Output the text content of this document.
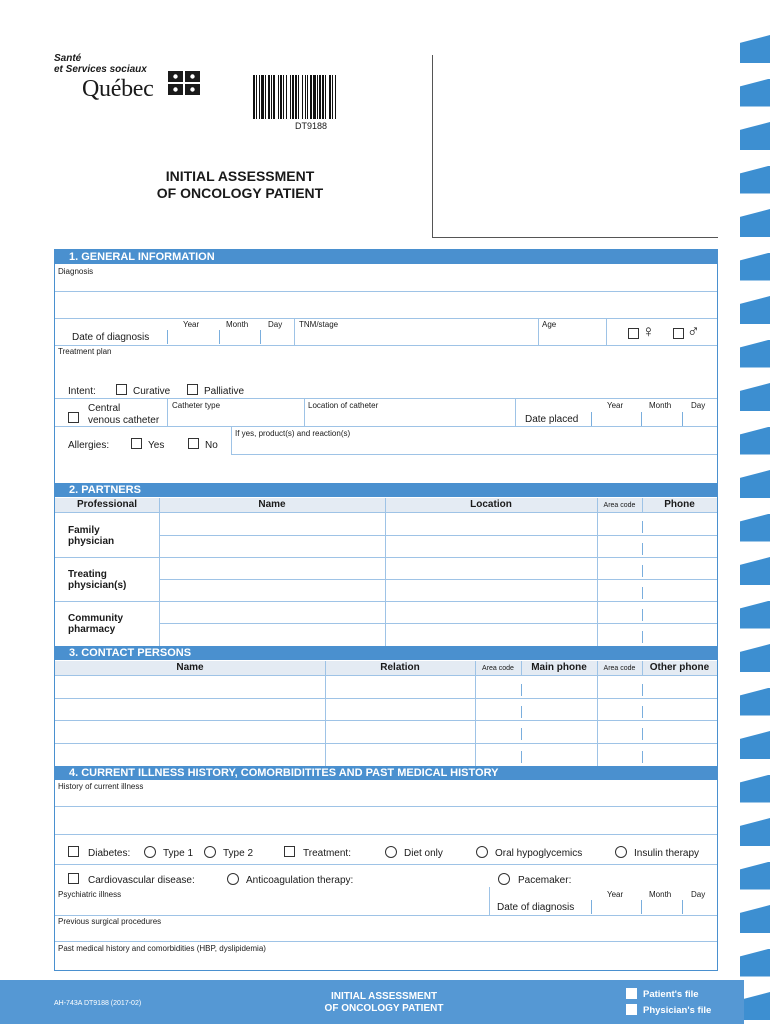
Santé
et Services sociaux
Québec
DT9188
INITIAL ASSESSMENT
OF ONCOLOGY PATIENT
1. GENERAL INFORMATION
Diagnosis
Year	Month Day
Date of diagnosis
TNM/stage	Age	♀ ♂
Treatment plan
Intent:	Curative	Palliative
Central
venous catheter
Catheter type	Location of catheter	Year	Month Day
Date placed
Allergies:	Yes	No
If yes, product(s) and reaction(s)
2. PARTNERS
Professional	Name	Location	Area code	Phone
Family
physician
Treating
physician(s)
Community
pharmacy
3. CONTACT PERSONS
Name	Relation	Area code	Main phone	Area code	Other phone
4. CURRENT ILLNESS HISTORY, COMORBIDITITES AND PAST MEDICAL HISTORY
History of current illness
Diabetes:	Type 1	Type 2	Treatment:	Diet only	Oral hypoglycemics	Insulin therapy
Cardiovascular disease:	Anticoagulation therapy:	Pacemaker:
Psychiatric illness	Year	Month Day
Date of diagnosis
Previous surgical procedures
Past medical history and comorbidities (HBP, dyslipidemia)
AH-743A DT9188 (2017-02)
INITIAL ASSESSMENT
OF ONCOLOGY PATIENT
Patient's file
Physician's file
